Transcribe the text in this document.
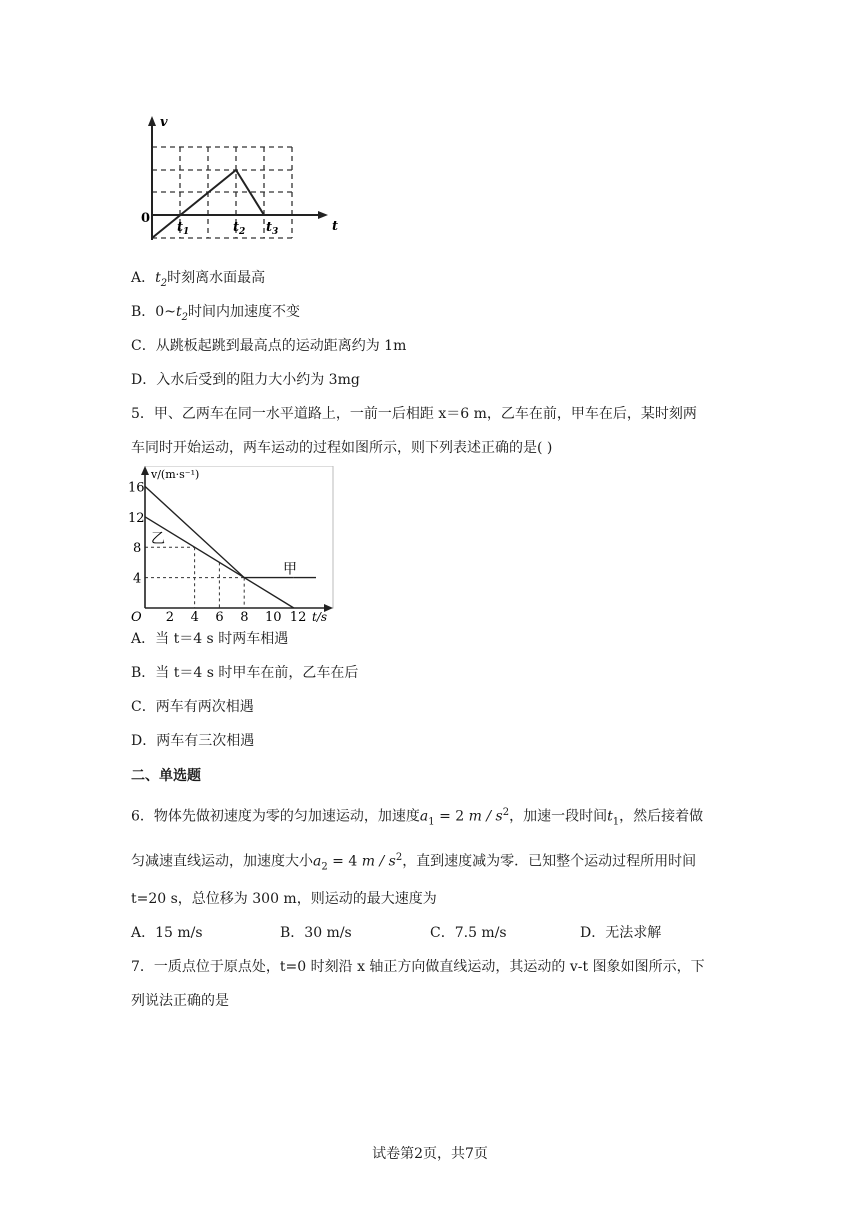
v
t
0
$t_1$	$t_2$ $t_3$
A．$t_2$时刻离水面最高
B．$0\sim t_2$时间内加速度不变
C．从跳板起跳到最高点的运动距离约为 1m
D．入水后受到的阻力大小约为 3mg
5．甲、乙两车在同一水平道路上，一前一后相距 x＝6 m，乙车在前，甲车在后，某时刻两
车同时开始运动，两车运动的过程如图所示，则下列表述正确的是( )
2 4 6 8 10 12
4
8
12
16
O
v/(m·s⁻¹)
t/s
甲
乙
A．当 t＝4 s 时两车相遇
B．当 t＝4 s 时甲车在前，乙车在后
C．两车有两次相遇
D．两车有三次相遇
二、单选题
6．物体先做初速度为零的匀加速运动，加速度$a_1 = 2$ m / $s^2$，加速一段时间$t_1$，然后接着做
匀减速直线运动，加速度大小$a_2 = 4$ m / $s^2$，直到速度减为零．已知整个运动过程所用时间
t=20 s，总位移为 300 m，则运动的最大速度为
A．15 m/s	B．30 m/s	C．7.5 m/s	D．无法求解
7．一质点位于原点处，t=0 时刻沿 x 轴正方向做直线运动，其运动的 v-t 图象如图所示，下
列说法正确的是
试卷第2页，共7页
